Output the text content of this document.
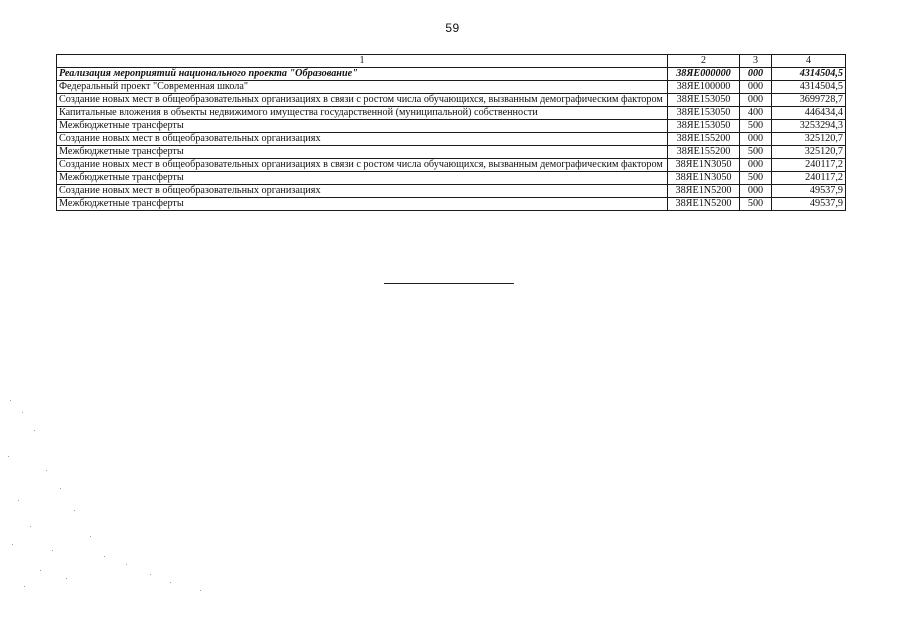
59
1	2	3	4
Реализация мероприятий национального проекта "Образование"	38ЯЕ000000	000	4314504,5
Федеральный проект "Современная школа"	38ЯЕ100000	000	4314504,5
Создание новых мест в общеобразовательных организациях в связи с ростом числа обучающихся, вызванным демографическим фактором	38ЯЕ153050	000	3699728,7
Капитальные вложения в объекты недвижимого имущества государственной (муниципальной) собственности	38ЯЕ153050	400	446434,4
Межбюджетные трансферты	38ЯЕ153050	500	3253294,3
Создание новых мест в общеобразовательных организациях	38ЯЕ155200	000	325120,7
Межбюджетные трансферты	38ЯЕ155200	500	325120,7
Создание новых мест в общеобразовательных организациях в связи с ростом числа обучающихся, вызванным демографическим фактором	38ЯЕ1N3050	000	240117,2
Межбюджетные трансферты	38ЯЕ1N3050	500	240117,2
Создание новых мест в общеобразовательных организациях	38ЯЕ1N5200	000	49537,9
Межбюджетные трансферты	38ЯЕ1N5200	500	49537,9
